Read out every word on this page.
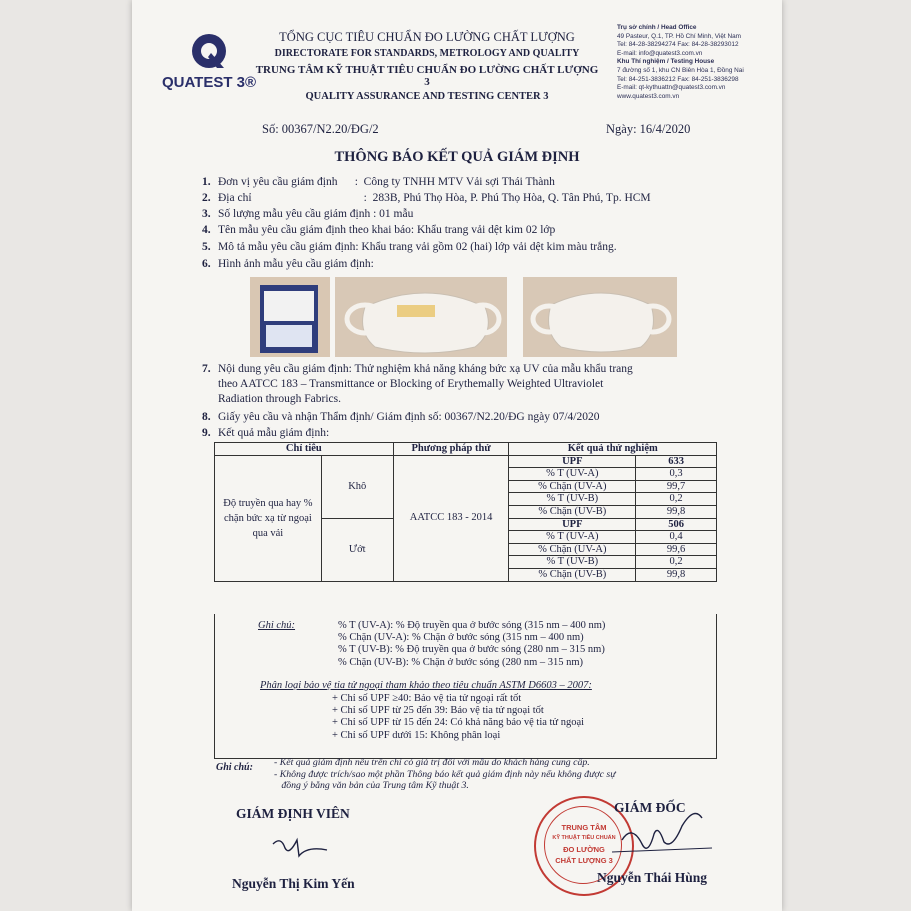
QUATEST 3®
TỔNG CỤC TIÊU CHUẨN ĐO LƯỜNG CHẤT LƯỢNG
DIRECTORATE FOR STANDARDS, METROLOGY AND QUALITY
TRUNG TÂM KỸ THUẬT TIÊU CHUẨN ĐO LƯỜNG CHẤT LƯỢNG 3
QUALITY ASSURANCE AND TESTING CENTER 3
Trụ sở chính / Head Office
49 Pasteur, Q.1, TP. Hồ Chí Minh, Việt Nam
Tel: 84-28-38294274 Fax: 84-28-38293012
E-mail: info@quatest3.com.vn
Khu Thí nghiệm / Testing House
7 đường số 1, khu CN Biên Hòa 1, Đồng Nai
Tel: 84-251-3836212 Fax: 84-251-3836298
E-mail: qt-kythuattn@quatest3.com.vn
www.quatest3.com.vn
Số: 00367/N2.20/ĐG/2	Ngày: 16/4/2020
THÔNG BÁO KẾT QUẢ GIÁM ĐỊNH
1. Đơn vị yêu cầu giám định      :  Công ty TNHH MTV Vải sợi Thái Thành
2. Địa chỉ                                       :  283B, Phú Thọ Hòa, P. Phú Thọ Hòa, Q. Tân Phú, Tp. HCM
3. Số lượng mẫu yêu cầu giám định : 01 mẫu
4. Tên mẫu yêu cầu giám định theo khai báo: Khẩu trang vải dệt kim 02 lớp
5. Mô tả mẫu yêu cầu giám định: Khẩu trang vải gồm 02 (hai) lớp vải dệt kim màu trắng.
6. Hình ảnh mẫu yêu cầu giám định:
7. Nội dung yêu cầu giám định: Thử nghiệm khả năng kháng bức xạ UV của mẫu khẩu trang
theo AATCC 183 – Transmittance or Blocking of Erythemally Weighted Ultraviolet
Radiation through Fabrics.
8. Giấy yêu cầu và nhận Thẩm định/ Giám định số: 00367/N2.20/ĐG ngày 07/4/2020
9. Kết quả mẫu giám định:
Chỉ tiêu		Phương pháp thử	Kết quả thử nghiệm	
Độ truyền qua hay % chặn bức xạ từ ngoại qua vải	Khô	AATCC 183 - 2014	UPF	633
			% T (UV-A)	0,3
			% Chặn (UV-A)	99,7
			% T (UV-B)	0,2
			% Chặn (UV-B)	99,8
	Ướt		UPF	506
			% T (UV-A)	0,4
			% Chặn (UV-A)	99,6
			% T (UV-B)	0,2
			% Chặn (UV-B)	99,8
Ghi chú:	% T (UV-A): % Độ truyền qua ở bước sóng (315 nm – 400 nm)
% Chặn (UV-A): % Chặn ở bước sóng (315 nm – 400 nm)
% T (UV-B): % Độ truyền qua ở bước sóng (280 nm – 315 nm)
% Chặn (UV-B): % Chặn ở bước sóng (280 nm – 315 nm)
Phân loại bảo vệ tia tử ngoại tham khảo theo tiêu chuẩn ASTM D6603 – 2007:
+ Chỉ số UPF ≥40: Bảo vệ tia tử ngoại rất tốt
+ Chỉ số UPF từ 25 đến 39: Bảo vệ tia tử ngoại tốt
+ Chỉ số UPF từ 15 đến 24: Có khả năng bảo vệ tia tử ngoại
+ Chỉ số UPF dưới 15: Không phân loại
Ghi chú: - Kết quả giám định nêu trên chỉ có giá trị đối với mẫu do khách hàng cung cấp.
- Không được trích/sao một phần Thông báo kết quả giám định này nếu không được sự
đồng ý bằng văn bản của Trung tâm Kỹ thuật 3.
GIÁM ĐỊNH VIÊN
Nguyễn Thị Kim Yến
TRUNG TÂM
KỸ THUẬT TIÊU CHUẨN
ĐO LƯỜNG
CHẤT LƯỢNG 3
GIÁM ĐỐC
Nguyễn Thái Hùng
